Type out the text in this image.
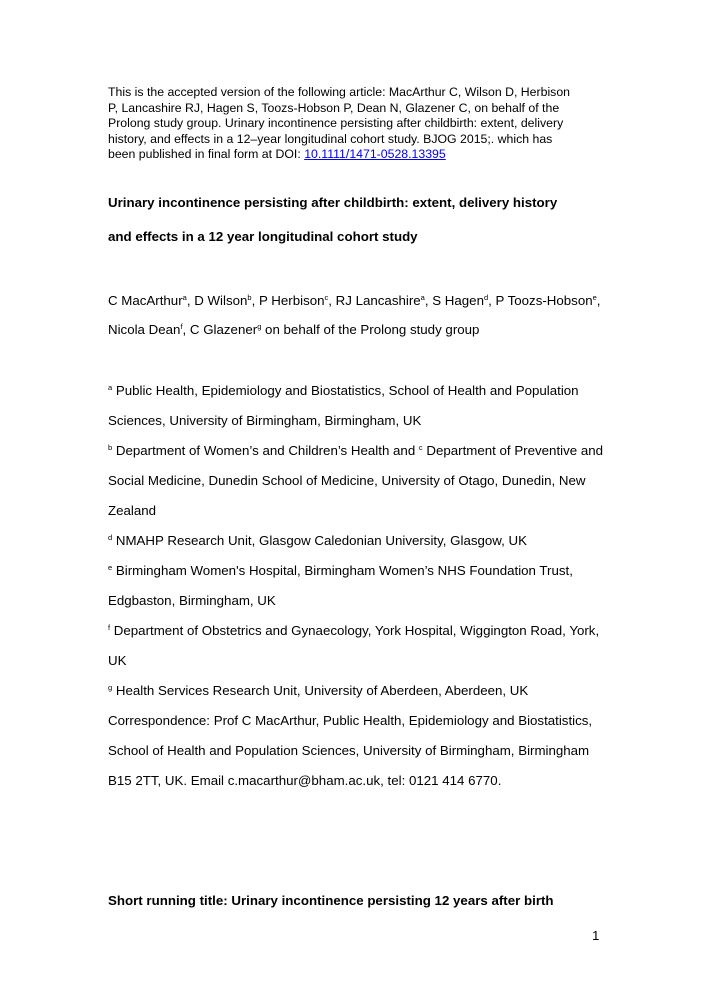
This is the accepted version of the following article: MacArthur C, Wilson D, Herbison
P, Lancashire RJ, Hagen S, Toozs-Hobson P, Dean N, Glazener C, on behalf of the
Prolong study group. Urinary incontinence persisting after childbirth: extent, delivery
history, and effects in a 12–year longitudinal cohort study. BJOG 2015;. which has
been published in final form at DOI: 10.1111/1471-0528.13395
Urinary incontinence persisting after childbirth: extent, delivery history
and effects in a 12 year longitudinal cohort study
C MacArthur$^a$, D Wilson$^b$, P Herbison$^c$, RJ Lancashire$^a$, S Hagen$^d$, P Toozs-Hobson$^e$,
Nicola Dean$^f$, C Glazener$^g$ on behalf of the Prolong study group
$^a$ Public Health, Epidemiology and Biostatistics, School of Health and Population
Sciences, University of Birmingham, Birmingham, UK
$^b$ Department of Women’s and Children’s Health and $^c$ Department of Preventive and
Social Medicine, Dunedin School of Medicine, University of Otago, Dunedin, New
Zealand
$^d$ NMAHP Research Unit, Glasgow Caledonian University, Glasgow, UK
$^e$ Birmingham Women's Hospital, Birmingham Women’s NHS Foundation Trust,
Edgbaston, Birmingham, UK
$^f$ Department of Obstetrics and Gynaecology, York Hospital, Wiggington Road, York,
UK
$^g$ Health Services Research Unit, University of Aberdeen, Aberdeen, UK
Correspondence: Prof C MacArthur, Public Health, Epidemiology and Biostatistics,
School of Health and Population Sciences, University of Birmingham, Birmingham
B15 2TT, UK. Email c.macarthur@bham.ac.uk, tel: 0121 414 6770.
Short running title: Urinary incontinence persisting 12 years after birth
1
